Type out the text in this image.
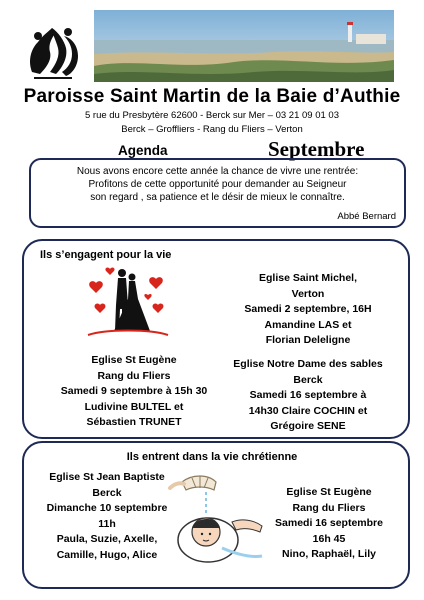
Paroisse Saint Martin de la Baie d’Authie
5 rue du Presbytère 62600 - Berck sur Mer – 03 21 09 01 03
Berck – Groffliers - Rang du Fliers – Verton
Agenda	Septembre
Nous avons encore cette année la chance de vivre une rentrée:
Profitons de cette opportunité pour demander au Seigneur
son regard , sa patience et le désir de mieux le connaître.
Abbé Bernard
Ils s’engagent pour la vie
Eglise St Eugène
Rang du Fliers
Samedi 9 septembre à 15h 30
Ludivine BULTEL et
Sébastien TRUNET
Eglise Saint Michel,
Verton
Samedi 2 septembre, 16H
Amandine LAS et
Florian Deleligne
Eglise Notre Dame des sables
Berck
Samedi 16 septembre à
14h30 Claire COCHIN et
Grégoire SENE
Ils entrent dans la vie chrétienne
Eglise St Jean Baptiste
Berck
Dimanche 10 septembre
11h
Paula, Suzie, Axelle,
Camille, Hugo, Alice
Eglise St Eugène
Rang du Fliers
Samedi 16 septembre
16h 45
Nino, Raphaël, Lily
